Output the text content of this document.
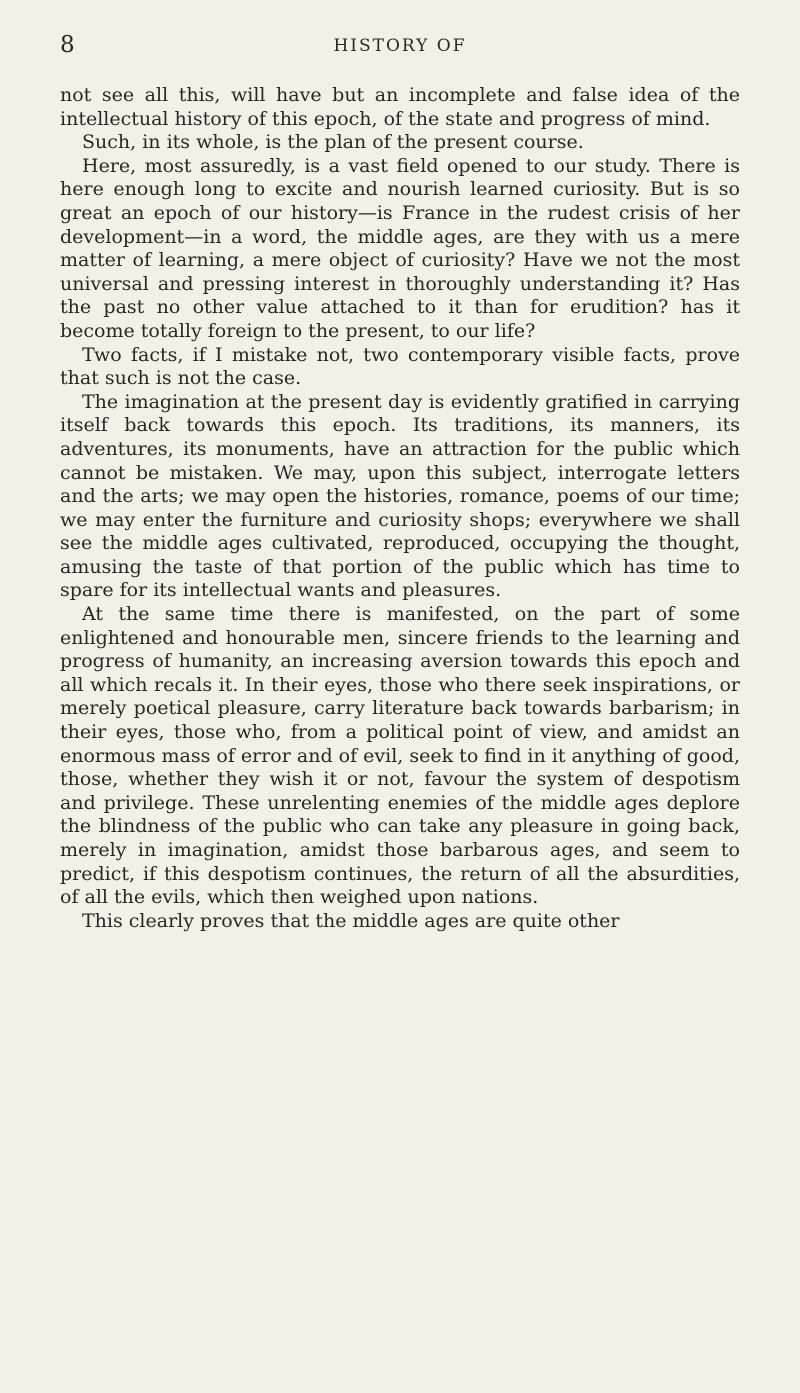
8	HISTORY OF

not see all this, will have but an incomplete and false idea of the intellectual history of this epoch, of the state and progress of mind.

Such, in its whole, is the plan of the present course.

Here, most assuredly, is a vast field opened to our study. There is here enough long to excite and nourish learned curiosity. But is so great an epoch of our history—is France in the rudest crisis of her development—in a word, the middle ages, are they with us a mere matter of learning, a mere object of curiosity? Have we not the most universal and pressing interest in thoroughly understanding it? Has the past no other value attached to it than for erudition? has it become totally foreign to the present, to our life?

Two facts, if I mistake not, two contemporary visible facts, prove that such is not the case.

The imagination at the present day is evidently gratified in carrying itself back towards this epoch. Its traditions, its manners, its adventures, its monuments, have an attraction for the public which cannot be mistaken. We may, upon this subject, interrogate letters and the arts; we may open the histories, romance, poems of our time; we may enter the furniture and curiosity shops; everywhere we shall see the middle ages cultivated, reproduced, occupying the thought, amusing the taste of that portion of the public which has time to spare for its intellectual wants and pleasures.

At the same time there is manifested, on the part of some enlightened and honourable men, sincere friends to the learning and progress of humanity, an increasing aversion towards this epoch and all which recals it. In their eyes, those who there seek inspirations, or merely poetical pleasure, carry literature back towards barbarism; in their eyes, those who, from a political point of view, and amidst an enormous mass of error and of evil, seek to find in it anything of good, those, whether they wish it or not, favour the system of despotism and privilege. These unrelenting enemies of the middle ages deplore the blindness of the public who can take any pleasure in going back, merely in imagination, amidst those barbarous ages, and seem to predict, if this despotism continues, the return of all the absurdities, of all the evils, which then weighed upon nations.

This clearly proves that the middle ages are quite other
